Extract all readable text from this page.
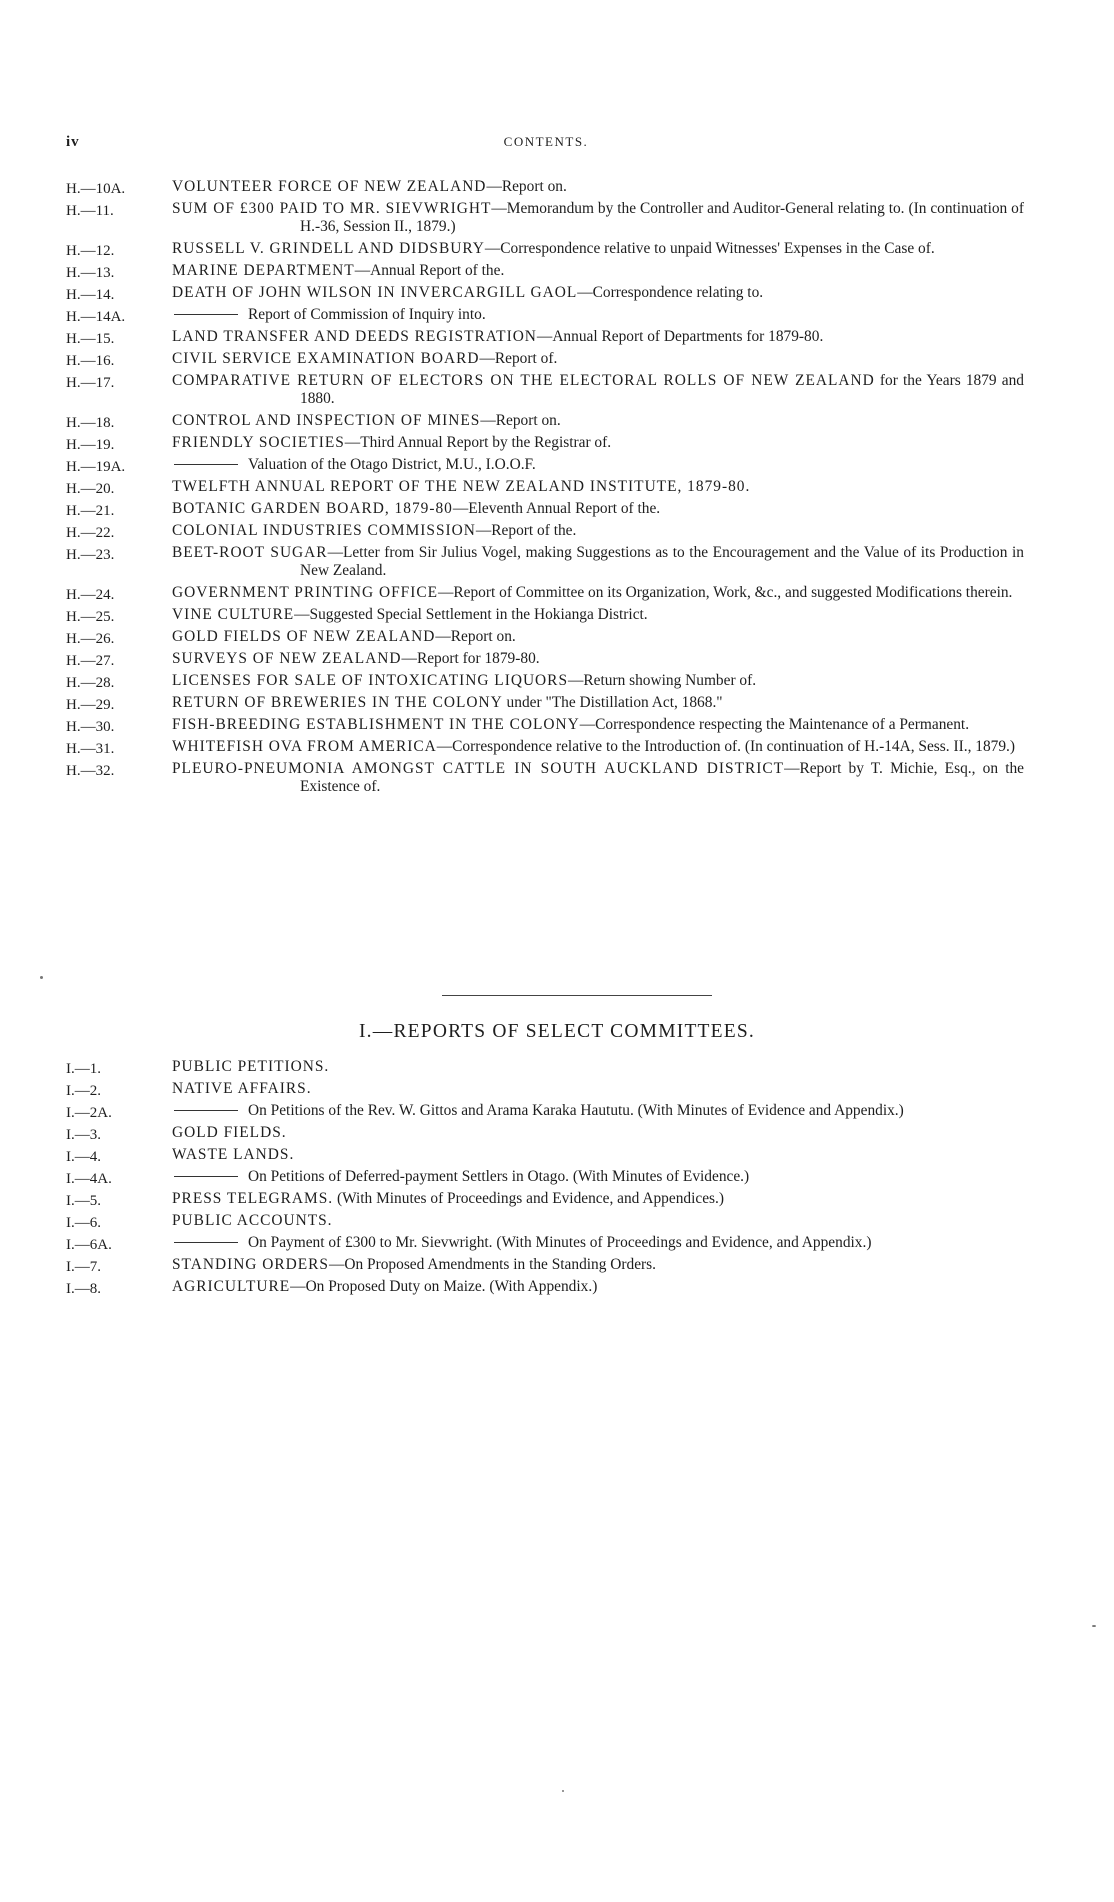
iv	CONTENTS.
H.—10A.	VOLUNTEER FORCE OF NEW ZEALAND—Report on.
H.—11.	SUM OF £300 PAID TO MR. SIEVWRIGHT—Memorandum by the Controller and Auditor-General relating to. (In continuation of H.-36, Session II., 1879.)
H.—12.	RUSSELL V. GRINDELL AND DIDSBURY—Correspondence relative to unpaid Witnesses' Expenses in the Case of.
H.—13.	MARINE DEPARTMENT—Annual Report of the.
H.—14.	DEATH OF JOHN WILSON IN INVERCARGILL GAOL—Correspondence relating to.
H.—14A.	Report of Commission of Inquiry into.
H.—15.	LAND TRANSFER AND DEEDS REGISTRATION—Annual Report of Departments for 1879-80.
H.—16.	CIVIL SERVICE EXAMINATION BOARD—Report of.
H.—17.	COMPARATIVE RETURN OF ELECTORS ON THE ELECTORAL ROLLS OF NEW ZEALAND for the Years 1879 and 1880.
H.—18.	CONTROL AND INSPECTION OF MINES—Report on.
H.—19.	FRIENDLY SOCIETIES—Third Annual Report by the Registrar of.
H.—19A.	Valuation of the Otago District, M.U., I.O.O.F.
H.—20.	TWELFTH ANNUAL REPORT OF THE NEW ZEALAND INSTITUTE, 1879-80.
H.—21.	BOTANIC GARDEN BOARD, 1879-80—Eleventh Annual Report of the.
H.—22.	COLONIAL INDUSTRIES COMMISSION—Report of the.
H.—23.	BEET-ROOT SUGAR—Letter from Sir Julius Vogel, making Suggestions as to the Encouragement and the Value of its Production in New Zealand.
H.—24.	GOVERNMENT PRINTING OFFICE—Report of Committee on its Organization, Work, &c., and suggested Modifications therein.
H.—25.	VINE CULTURE—Suggested Special Settlement in the Hokianga District.
H.—26.	GOLD FIELDS OF NEW ZEALAND—Report on.
H.—27.	SURVEYS OF NEW ZEALAND—Report for 1879-80.
H.—28.	LICENSES FOR SALE OF INTOXICATING LIQUORS—Return showing Number of.
H.—29.	RETURN OF BREWERIES IN THE COLONY under "The Distillation Act, 1868."
H.—30.	FISH-BREEDING ESTABLISHMENT IN THE COLONY—Correspondence respecting the Maintenance of a Permanent.
H.—31.	WHITEFISH OVA FROM AMERICA—Correspondence relative to the Introduction of. (In continuation of H.-14A, Sess. II., 1879.)
H.—32.	PLEURO-PNEUMONIA AMONGST CATTLE IN SOUTH AUCKLAND DISTRICT—Report by T. Michie, Esq., on the Existence of.
I.—REPORTS OF SELECT COMMITTEES.
I.—1.	PUBLIC PETITIONS.
I.—2.	NATIVE AFFAIRS.
I.—2A.	On Petitions of the Rev. W. Gittos and Arama Karaka Haututu. (With Minutes of Evidence and Appendix.)
I.—3.	GOLD FIELDS.
I.—4.	WASTE LANDS.
I.—4A.	On Petitions of Deferred-payment Settlers in Otago. (With Minutes of Evidence.)
I.—5.	PRESS TELEGRAMS. (With Minutes of Proceedings and Evidence, and Appendices.)
I.—6.	PUBLIC ACCOUNTS.
I.—6A.	On Payment of £300 to Mr. Sievwright. (With Minutes of Proceedings and Evidence, and Appendix.)
I.—7.	STANDING ORDERS—On Proposed Amendments in the Standing Orders.
I.—8.	AGRICULTURE—On Proposed Duty on Maize. (With Appendix.)
